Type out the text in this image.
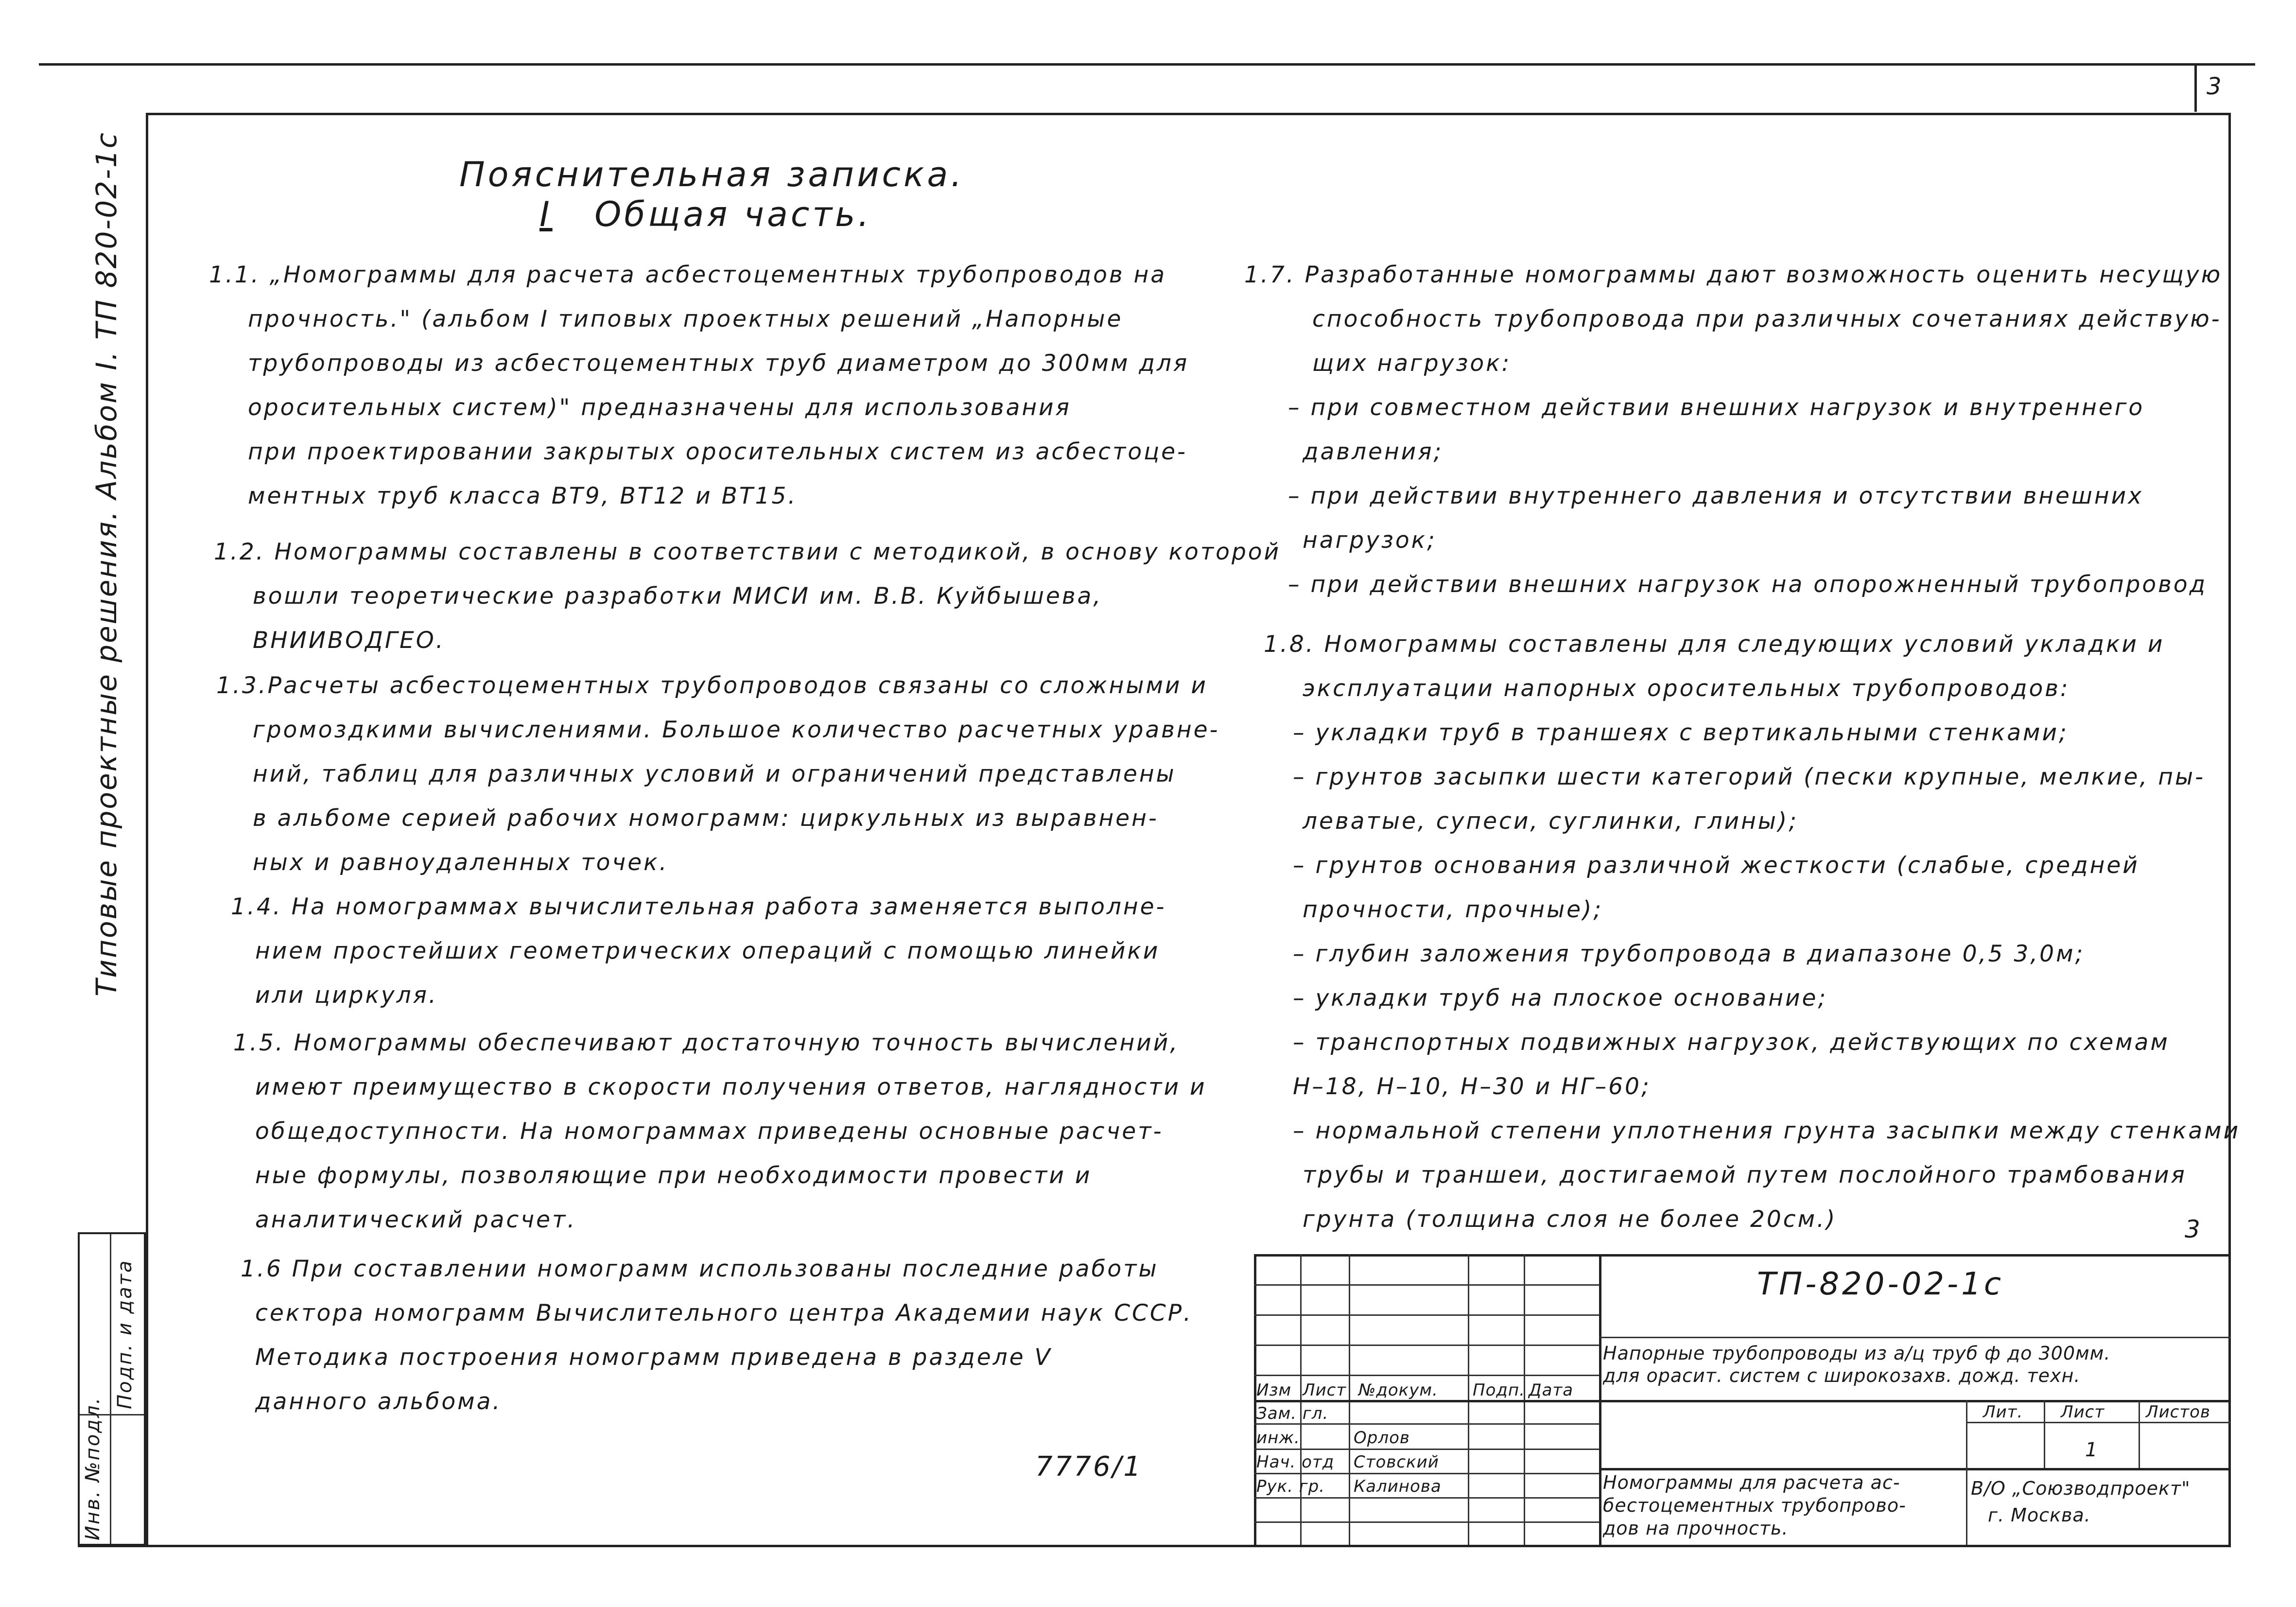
3
Типовые проектные решения. Альбом I. ТП 820-02-1с
Инв. №подл.
Подп. и дата
Пояснительная записка.
I Общая часть.
1.1. „Номограммы для расчета асбестоцементных трубопроводов на
прочность." (альбом I типовых проектных решений „Напорные
трубопроводы из асбестоцементных труб диаметром до 300мм для
оросительных систем)" предназначены для использования
при проектировании закрытых оросительных систем из асбестоце-
ментных труб класса ВТ9, ВТ12 и ВТ15.
1.2. Номограммы составлены в соответствии с методикой, в основу которой
вошли теоретические разработки МИСИ им. В.В. Куйбышева,
ВНИИВОДГЕО.
1.3.Расчеты асбестоцементных трубопроводов связаны со сложными и
громоздкими вычислениями. Большое количество расчетных уравне-
ний, таблиц для различных условий и ограничений представлены
в альбоме серией рабочих номограмм: циркульных из выравнен-
ных и равноудаленных точек.
1.4. На номограммах вычислительная работа заменяется выполне-
нием простейших геометрических операций с помощью линейки
или циркуля.
1.5. Номограммы обеспечивают достаточную точность вычислений,
имеют преимущество в скорости получения ответов, наглядности и
общедоступности. На номограммах приведены основные расчет-
ные формулы, позволяющие при необходимости провести и
аналитический расчет.
1.6 При составлении номограмм использованы последние работы
сектора номограмм Вычислительного центра Академии наук СССР.
Методика построения номограмм приведена в разделе V
данного альбома.
1.7. Разработанные номограммы дают возможность оценить несущую
способность трубопровода при различных сочетаниях действую-
щих нагрузок:
– при совместном действии внешних нагрузок и внутреннего
давления;
– при действии внутреннего давления и отсутствии внешних
нагрузок;
– при действии внешних нагрузок на опорожненный трубопровод
1.8. Номограммы составлены для следующих условий укладки и
эксплуатации напорных оросительных трубопроводов:
– укладки труб в траншеях с вертикальными стенками;
– грунтов засыпки шести категорий (пески крупные, мелкие, пы-
леватые, супеси, суглинки, глины);
– грунтов основания различной жесткости (слабые, средней
прочности, прочные);
– глубин заложения трубопровода в диапазоне 0,5 3,0м;
– укладки труб на плоское основание;
– транспортных подвижных нагрузок, действующих по схемам
Н–18, Н–10, Н–30 и НГ–60;
– нормальной степени уплотнения грунта засыпки между стенками
трубы и траншеи, достигаемой путем послойного трамбования
грунта (толщина слоя не более 20см.)	3
7776/1
ТП-820-02-1с
Напорные трубопроводы из а/ц труб ф до 300мм.
для орасит. систем с широкозахв. дожд. техн.
Изм Лист №докум. Подп. Дата
Зам. гл.
инж.
Нач. отд
Рук. гр.
Орлов
Стовский
Калинова
Лит. Лист Листов
1
Номограммы для расчета ас-
бестоцементных трубопрово-
дов на прочность.
В/О „Союзводпроект"
г. Москва.
